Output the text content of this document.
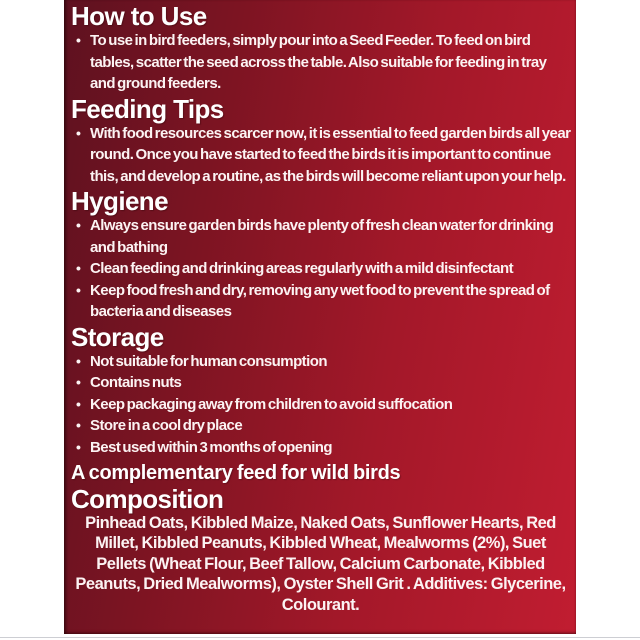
How to Use
• To use in bird feeders, simply pour into a Seed Feeder. To feed on bird tables, scatter the seed across the table. Also suitable for feeding in tray and ground feeders.
Feeding Tips
• With food resources scarcer now, it is essential to feed garden birds all year round. Once you have started to feed the birds it is important to continue this, and develop a routine, as the birds will become reliant upon your help.
Hygiene
• Always ensure garden birds have plenty of fresh clean water for drinking and bathing
• Clean feeding and drinking areas regularly with a mild disinfectant
• Keep food fresh and dry, removing any wet food to prevent the spread of bacteria and diseases
Storage
• Not suitable for human consumption
• Contains nuts
• Keep packaging away from children to avoid suffocation
• Store in a cool dry place
• Best used within 3 months of opening
A complementary feed for wild birds
Composition

Pinhead Oats, Kibbled Maize, Naked Oats, Sunflower Hearts, Red Millet, Kibbled Peanuts, Kibbled Wheat, Mealworms (2%), Suet Pellets (Wheat Flour, Beef Tallow, Calcium Carbonate, Kibbled Peanuts, Dried Mealworms), Oyster Shell Grit . Additives: Glycerine, Colourant.
